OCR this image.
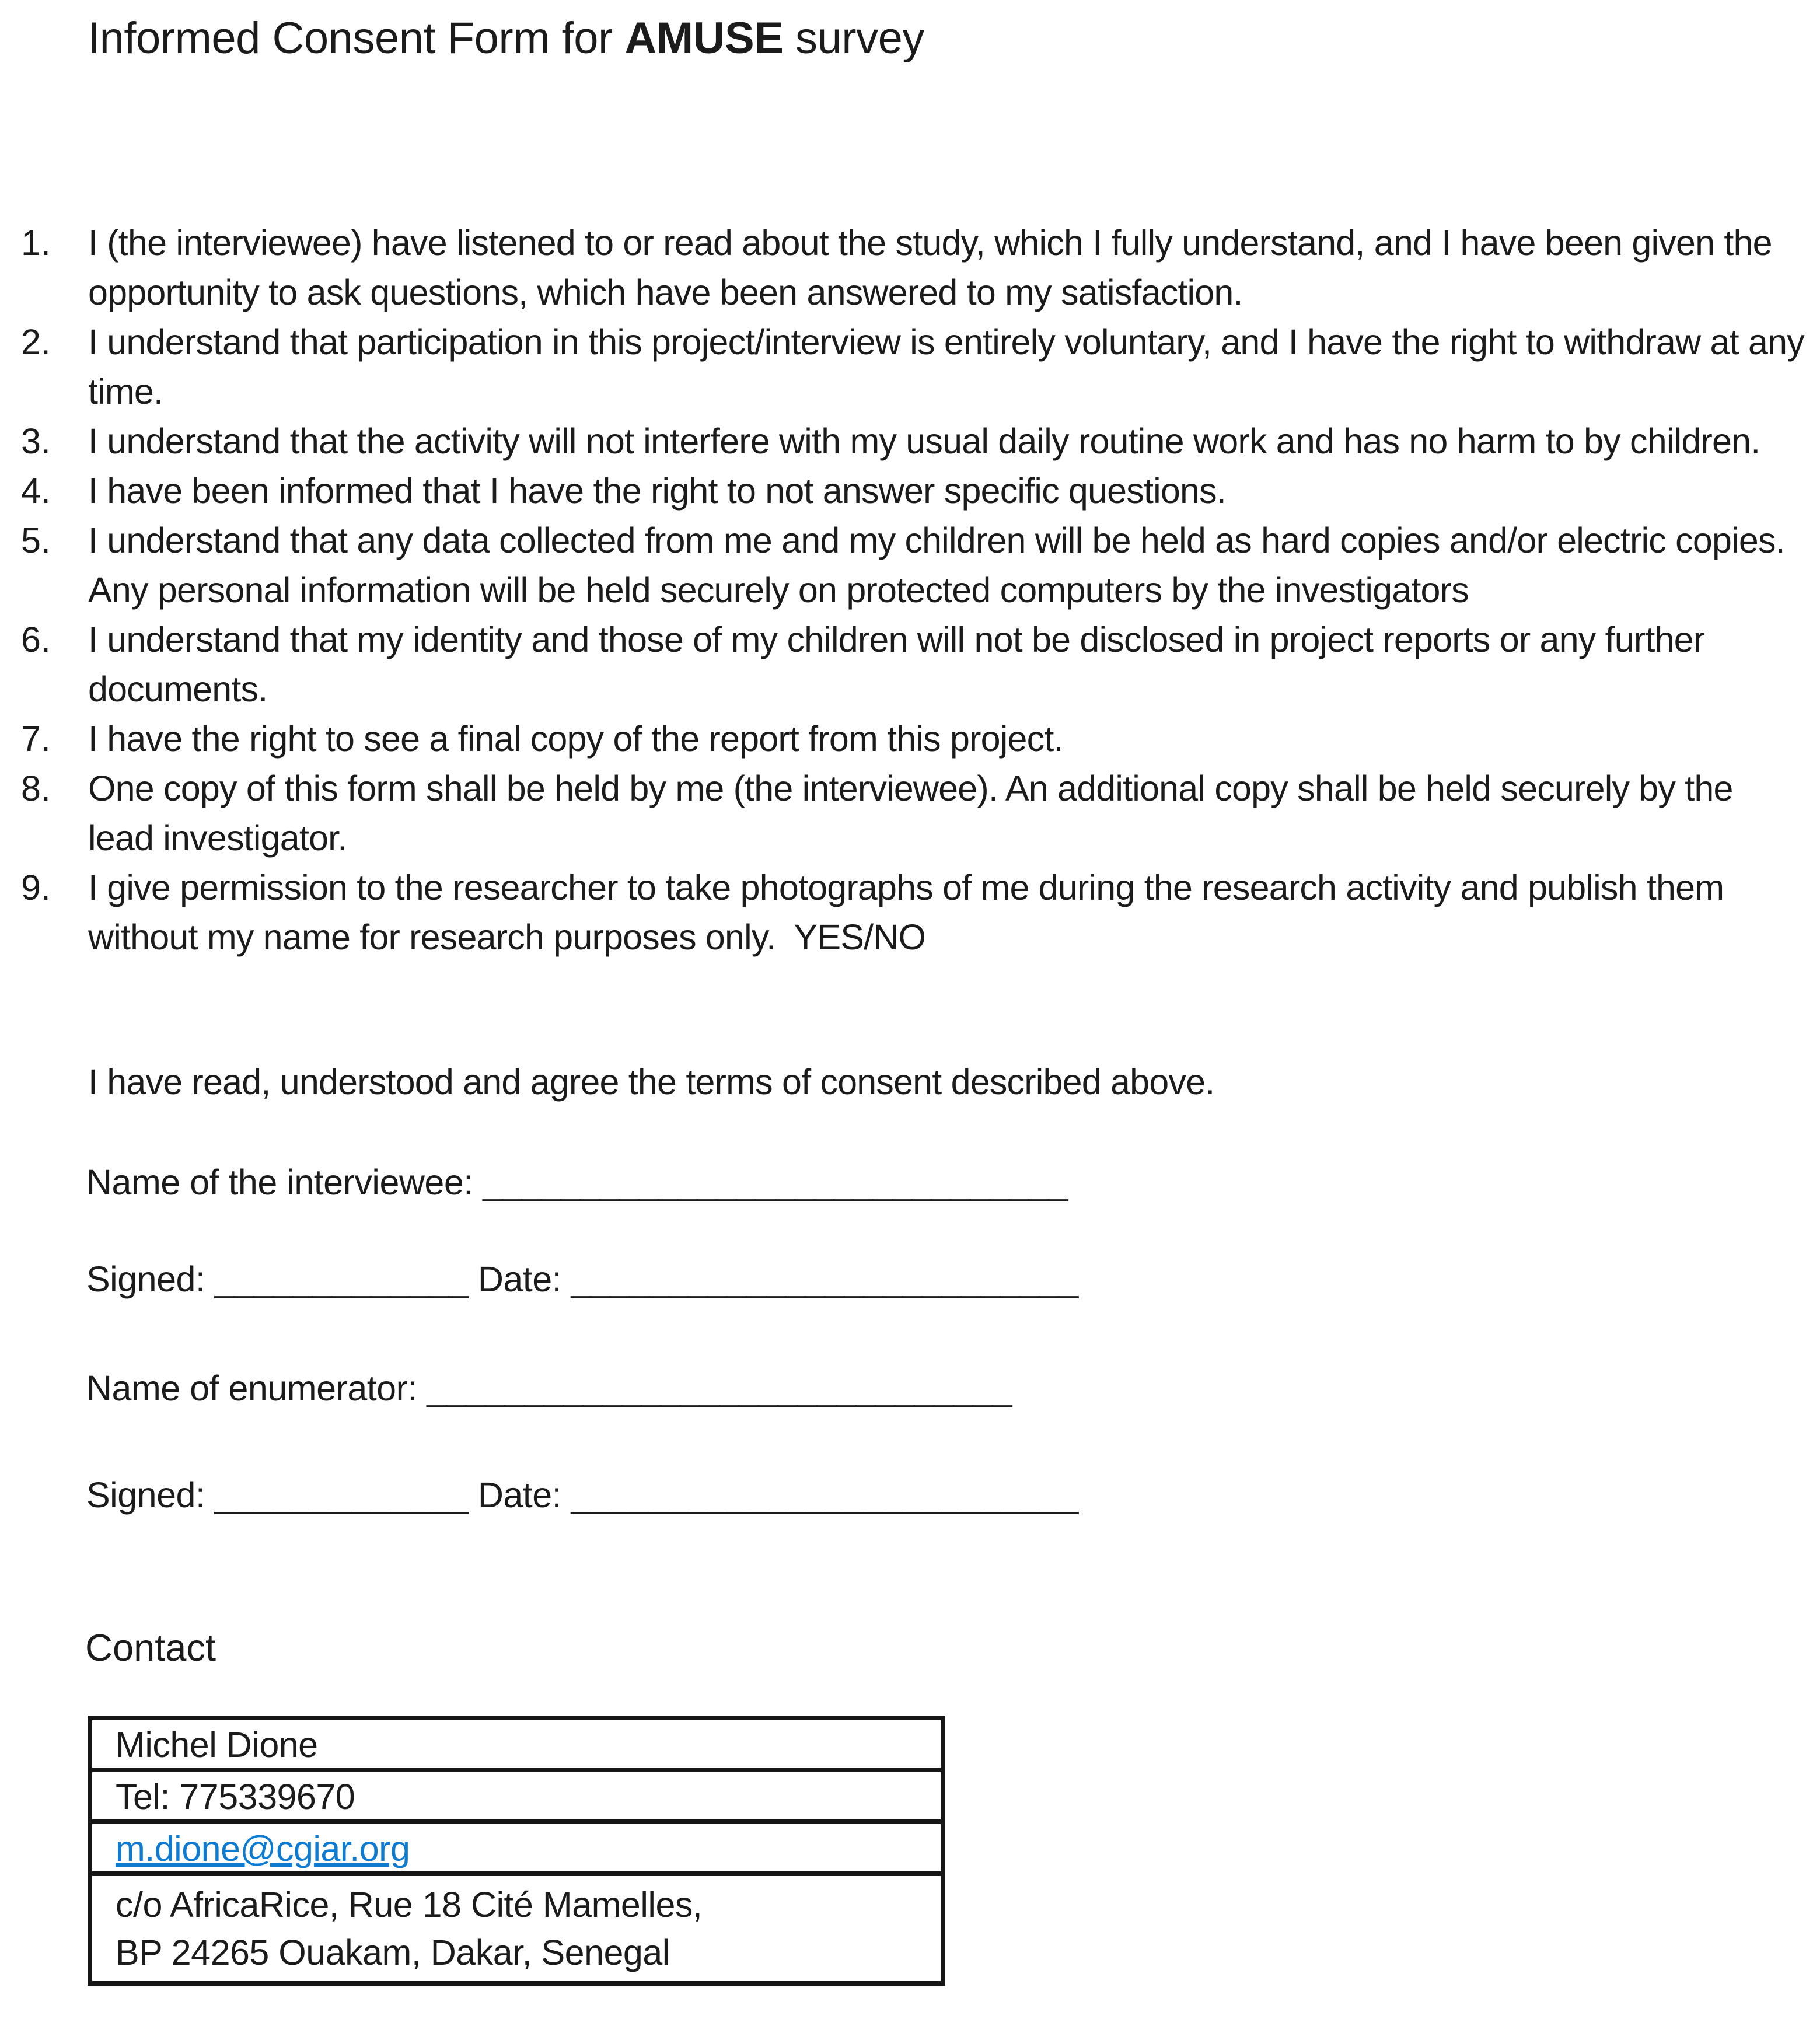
Informed Consent Form for AMUSE survey
1. I (the interviewee) have listened to or read about the study, which I fully understand, and I have been given the opportunity to ask questions, which have been answered to my satisfaction.
2. I understand that participation in this project/interview is entirely voluntary, and I have the right to withdraw at any time.
3. I understand that the activity will not interfere with my usual daily routine work and has no harm to by children.
4. I have been informed that I have the right to not answer specific questions.
5. I understand that any data collected from me and my children will be held as hard copies and/or electric copies. Any personal information will be held securely on protected computers by the investigators
6. I understand that my identity and those of my children will not be disclosed in project reports or any further documents.
7. I have the right to see a final copy of the report from this project.
8. One copy of this form shall be held by me (the interviewee). An additional copy shall be held securely by the lead investigator.
9. I give permission to the researcher to take photographs of me during the research activity and publish them without my name for research purposes only.  YES/NO
I have read, understood and agree the terms of consent described above.
Name of the interviewee: ______________________________
Signed: _____________ Date: __________________________
Name of enumerator: ______________________________
Signed: _____________ Date: __________________________
Contact
Michel Dione
Tel: 775339670
m.dione@cgiar.org
c/o AfricaRice, Rue 18 Cité Mamelles,
BP 24265 Ouakam, Dakar, Senegal
